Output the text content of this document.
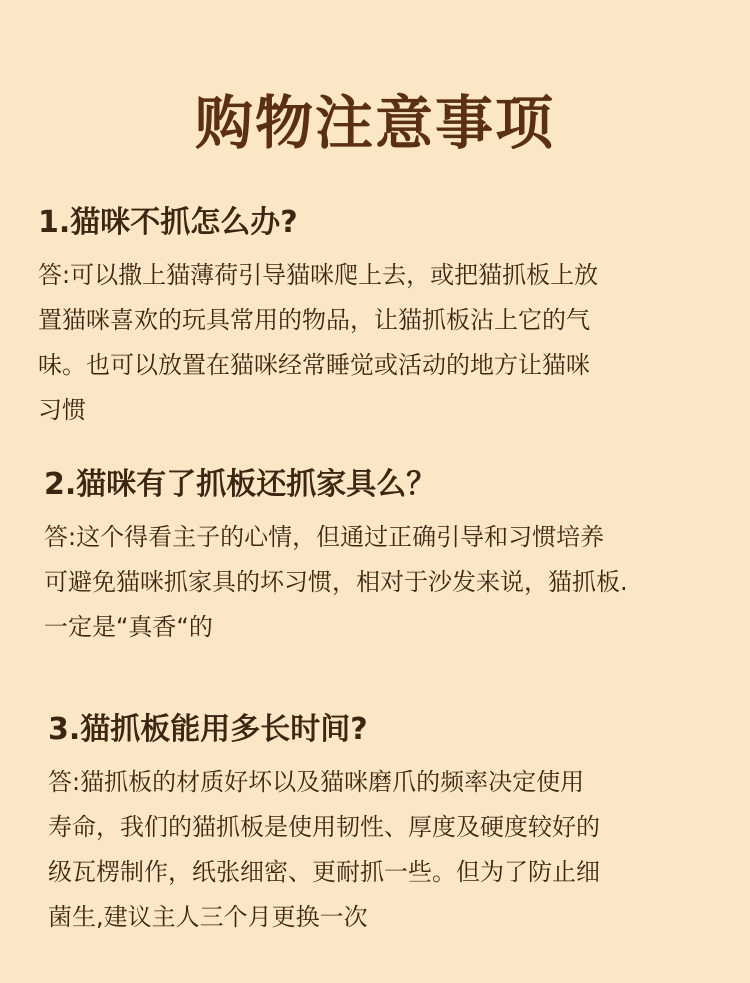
购物注意事项

1.猫咪不抓怎么办?

答:可以撒上猫薄荷引导猫咪爬上去，或把猫抓板上放
置猫咪喜欢的玩具常用的物品，让猫抓板沾上它的气
味。也可以放置在猫咪经常睡觉或活动的地方让猫咪
习惯

2.猫咪有了抓板还抓家具么？

答:这个得看主子的心情，但通过正确引导和习惯培养
可避免猫咪抓家具的坏习惯，相对于沙发来说，猫抓板.
一定是“真香“的

3.猫抓板能用多长时间?

答:猫抓板的材质好坏以及猫咪磨爪的频率决定使用
寿命，我们的猫抓板是使用韧性、厚度及硬度较好的
级瓦楞制作，纸张细密、更耐抓一些。但为了防止细
菌生,建议主人三个月更换一次
